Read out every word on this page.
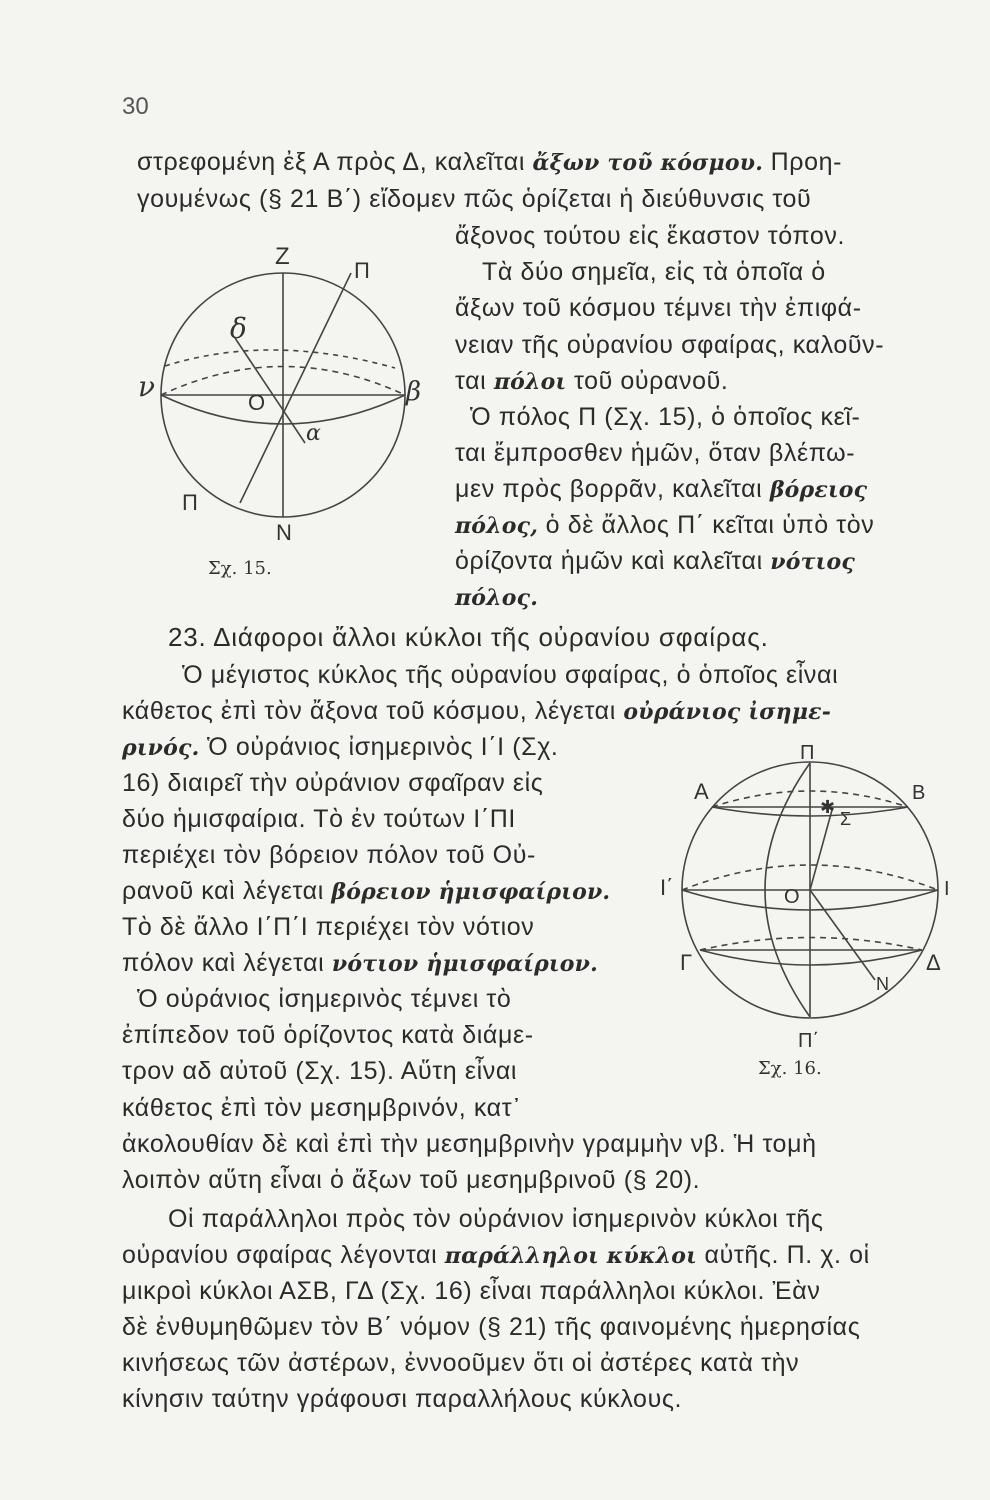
30
στρεφομένη ἐξ Α πρὸς Δ, καλεῖται ἄξων τοῦ κόσμου. Προη-
γουμένως (§ 21 Β΄) εἴδομεν πῶς ὁρίζεται ἡ διεύθυνσις τοῦ
ἄξονος τούτου εἰς ἕκαστον τόπον.
Τὰ δύο σημεῖα, εἰς τὰ ὁποῖα ὁ
ἄξων τοῦ κόσμου τέμνει τὴν ἐπιφά-
νειαν τῆς οὐρανίου σφαίρας, καλοῦν-
ται πόλοι τοῦ οὐρανοῦ.
Ὁ πόλος Π (Σχ. 15), ὁ ὁποῖος κεῖ-
ται ἔμπροσθεν ἡμῶν, ὅταν βλέπω-
μεν πρὸς βορρᾶν, καλεῖται βόρειος
πόλος, ὁ δὲ ἄλλος Π΄ κεῖται ὑπὸ τὸν
ὁρίζοντα ἡμῶν καὶ καλεῖται νότιος
πόλος.
23. Διάφοροι ἄλλοι κύκλοι τῆς οὐρανίου σφαίρας.
Ὁ μέγιστος κύκλος τῆς οὐρανίου σφαίρας, ὁ ὁποῖος εἶναι
κάθετος ἐπὶ τὸν ἄξονα τοῦ κόσμου, λέγεται οὐράνιος ἰσημε-
ρινός. Ὁ οὐράνιος ἰσημερινὸς Ι΄Ι (Σχ.
16) διαιρεῖ τὴν οὐράνιον σφαῖραν εἰς
δύο ἡμισφαίρια. Τὸ ἐν τούτων Ι΄ΠΙ
περιέχει τὸν βόρειον πόλον τοῦ Οὐ-
ρανοῦ καὶ λέγεται βόρειον ἡμισφαίριον.
Τὸ δὲ ἄλλο Ι΄Π΄Ι περιέχει τὸν νότιον
πόλον καὶ λέγεται νότιον ἡμισφαίριον.
Ὁ οὐράνιος ἰσημερινὸς τέμνει τὸ
ἐπίπεδον τοῦ ὁρίζοντος κατὰ διάμε-
τρον αδ αὐτοῦ (Σχ. 15). Αὕτη εἶναι
κάθετος ἐπὶ τὸν μεσημβρινόν, κατ᾽
ἀκολουθίαν δὲ καὶ ἐπὶ τὴν μεσημβρινὴν γραμμὴν νβ. Ἡ τομὴ
λοιπὸν αὕτη εἶναι ὁ ἄξων τοῦ μεσημβρινοῦ (§ 20).
Οἱ παράλληλοι πρὸς τὸν οὐράνιον ἰσημερινὸν κύκλοι τῆς
οὐρανίου σφαίρας λέγονται παράλληλοι κύκλοι αὐτῆς. Π. χ. οἱ
μικροὶ κύκλοι ΑΣΒ, ΓΔ (Σχ. 16) εἶναι παράλληλοι κύκλοι. Ἐὰν
δὲ ἐνθυμηθῶμεν τὸν Β΄ νόμον (§ 21) τῆς φαινομένης ἡμερησίας
κινήσεως τῶν ἀστέρων, ἐννοοῦμεν ὅτι οἱ ἀστέρες κατὰ τὴν
κίνησιν ταύτην γράφουσι παραλλήλους κύκλους.
Ζ
Π
Ν
Π
δ
ν	β
Ο
α
Σχ. 15.
Π
Α	Β
✱
Σ
Ι΄	Ι
Ο
Γ	Δ
Ν
Π΄
Σχ. 16.
